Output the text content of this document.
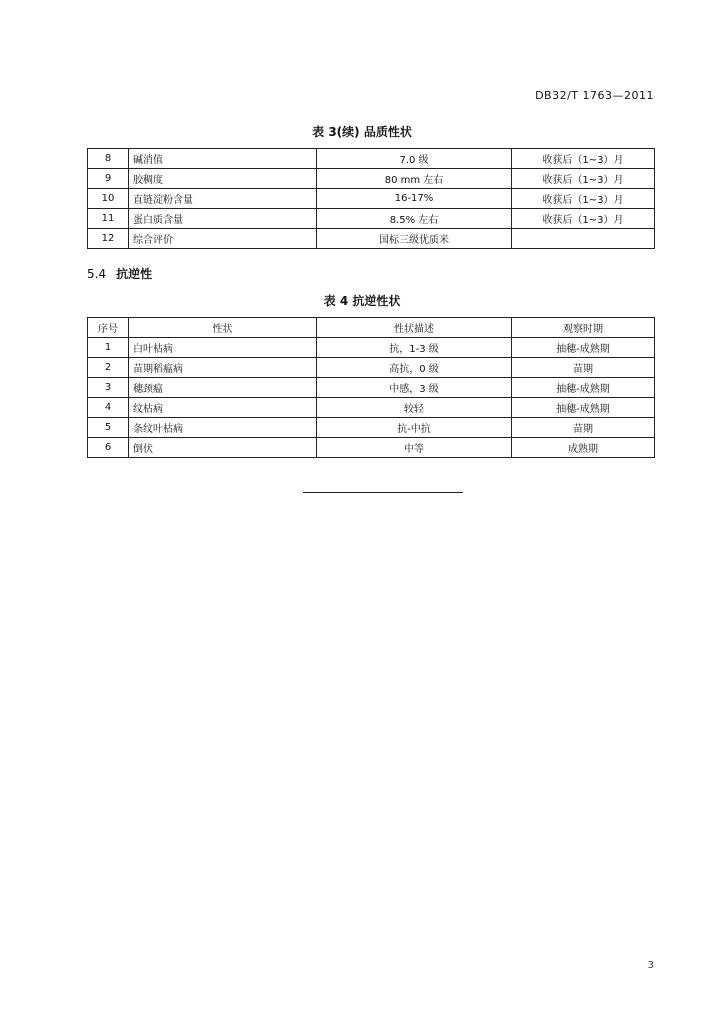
DB32/T 1763—2011
表 3(续) 品质性状
8	碱消值	7.0 级	收获后（1~3）月
9	胶稠度	80 mm 左右	收获后（1~3）月
10	直链淀粉含量	16-17%	收获后（1~3）月
11	蛋白质含量	8.5% 左右	收获后（1~3）月
12	综合评价	国标三级优质米	
5.4 抗逆性
表 4 抗逆性状
序号	性状	性状描述	观察时期
1	白叶枯病	抗，1-3 级	抽穗-成熟期
2	苗期稻瘟病	高抗，0 级	苗期
3	穗颈瘟	中感，3 级	抽穗-成熟期
4	纹枯病	较轻	抽穗-成熟期
5	条纹叶枯病	抗-中抗	苗期
6	倒伏	中等	成熟期
3
